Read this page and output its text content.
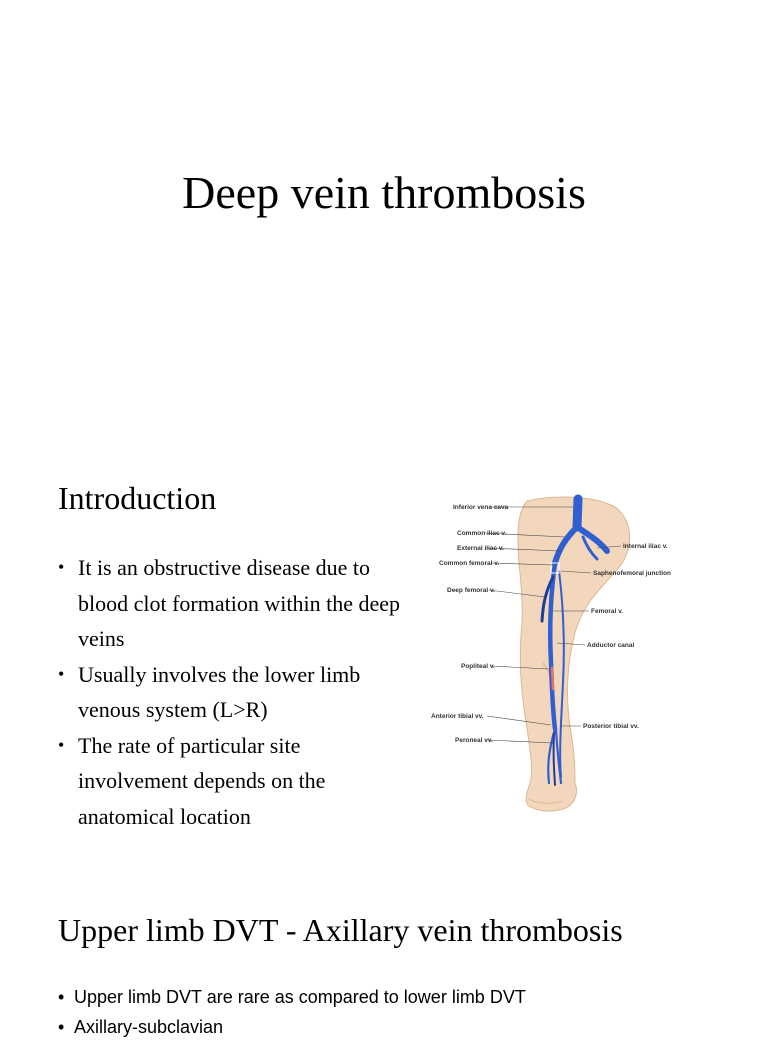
Deep vein thrombosis
Introduction
• It is an obstructive disease due to blood clot formation within the deep veins
• Usually involves the lower limb venous system (L>R)
• The rate of particular site involvement depends on the anatomical location
Inferior vena cava
Common iliac v.
External iliac v.
Common femoral v.
Deep femoral v.
Internal iliac v.
Saphenofemoral junction
Femoral v.
Adductor canal
Popliteal v.
Anterior tibial vv.
Posterior tibial vv.
Peroneal vv.
Upper limb DVT - Axillary vein thrombosis
• Upper limb DVT are rare as compared to lower limb DVT
• Axillary-subclavian
